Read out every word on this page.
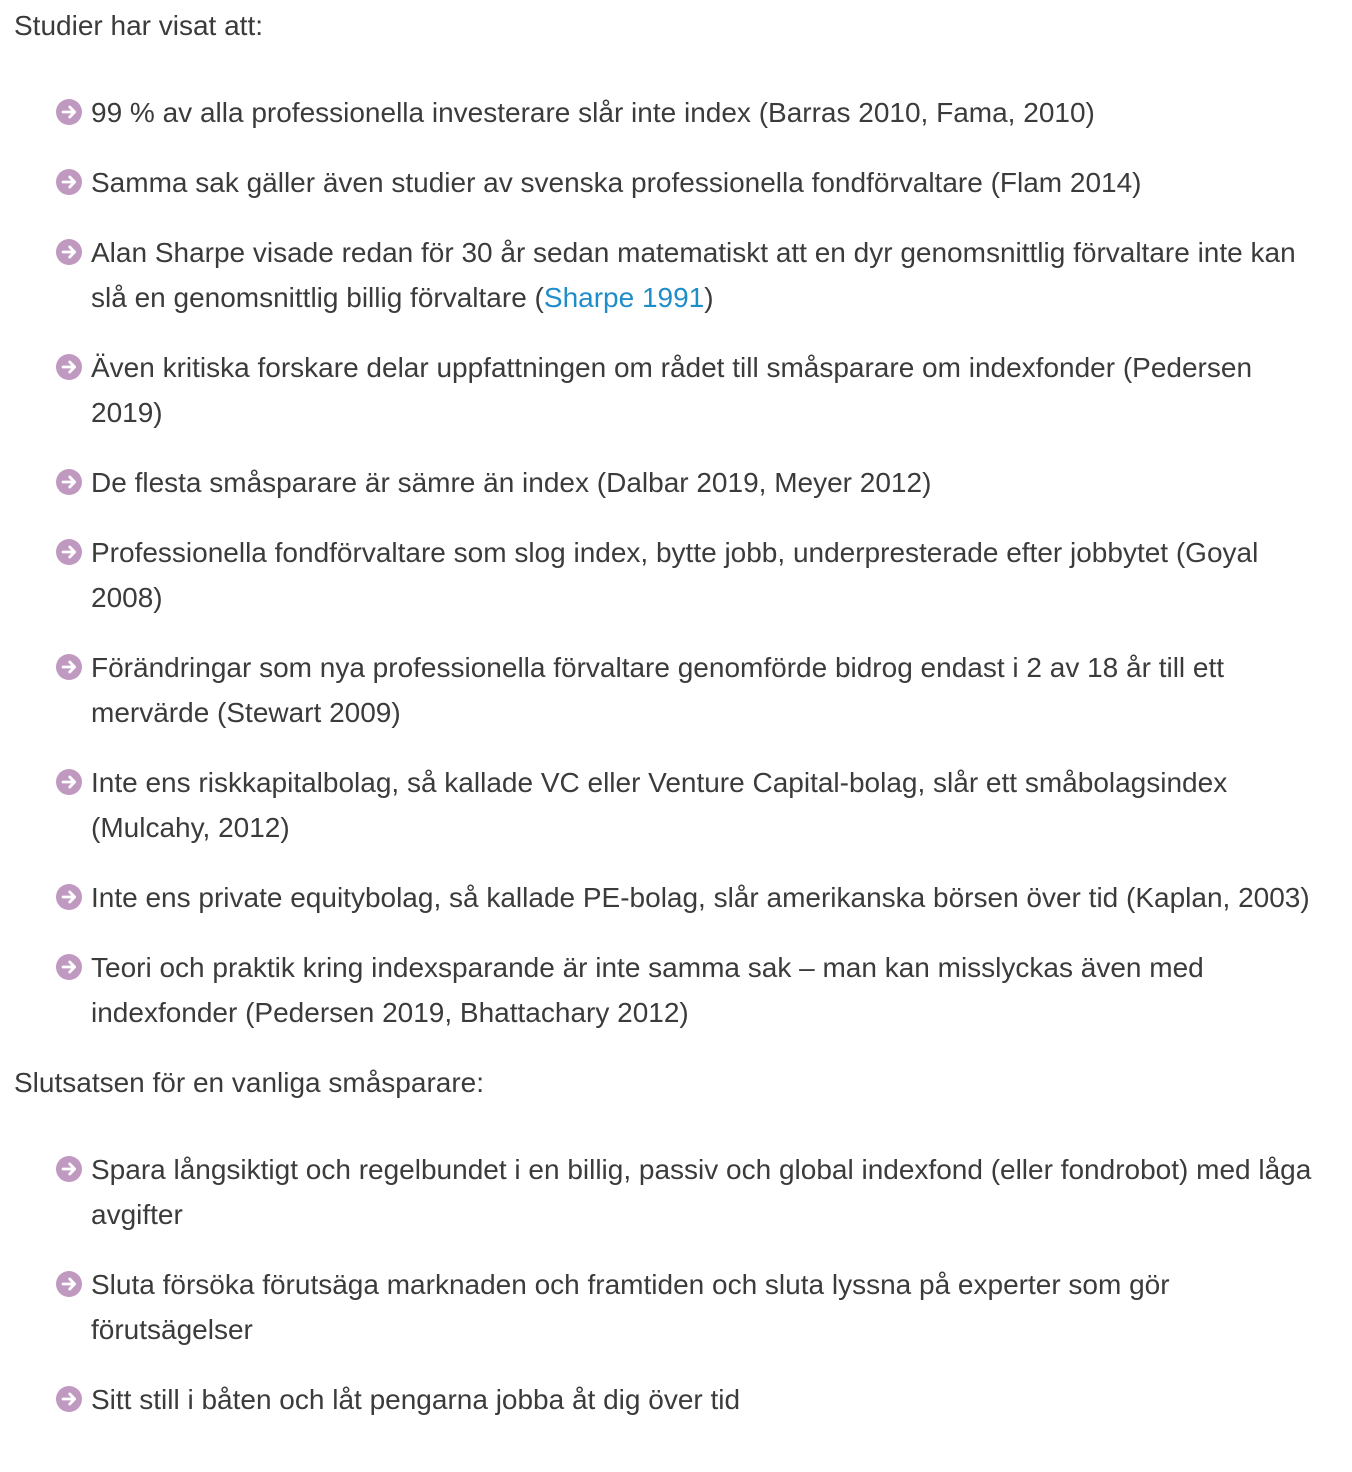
Studier har visat att:

99 % av alla professionella investerare slår inte index (Barras 2010, Fama, 2010)
Samma sak gäller även studier av svenska professionella fondförvaltare (Flam 2014)
Alan Sharpe visade redan för 30 år sedan matematiskt att en dyr genomsnittlig förvaltare inte kan slå en genomsnittlig billig förvaltare (Sharpe 1991)
Även kritiska forskare delar uppfattningen om rådet till småsparare om indexfonder (Pedersen 2019)
De flesta småsparare är sämre än index (Dalbar 2019, Meyer 2012)
Professionella fondförvaltare som slog index, bytte jobb, underpresterade efter jobbytet (Goyal 2008)
Förändringar som nya professionella förvaltare genomförde bidrog endast i 2 av 18 år till ett mervärde (Stewart 2009)
Inte ens riskkapitalbolag, så kallade VC eller Venture Capital-bolag, slår ett småbolagsindex (Mulcahy, 2012)
Inte ens private equitybolag, så kallade PE-bolag, slår amerikanska börsen över tid (Kaplan, 2003)
Teori och praktik kring indexsparande är inte samma sak – man kan misslyckas även med indexfonder (Pedersen 2019, Bhattachary 2012)

Slutsatsen för en vanliga småsparare:

Spara långsiktigt och regelbundet i en billig, passiv och global indexfond (eller fondrobot) med låga avgifter
Sluta försöka förutsäga marknaden och framtiden och sluta lyssna på experter som gör förutsägelser
Sitt still i båten och låt pengarna jobba åt dig över tid
